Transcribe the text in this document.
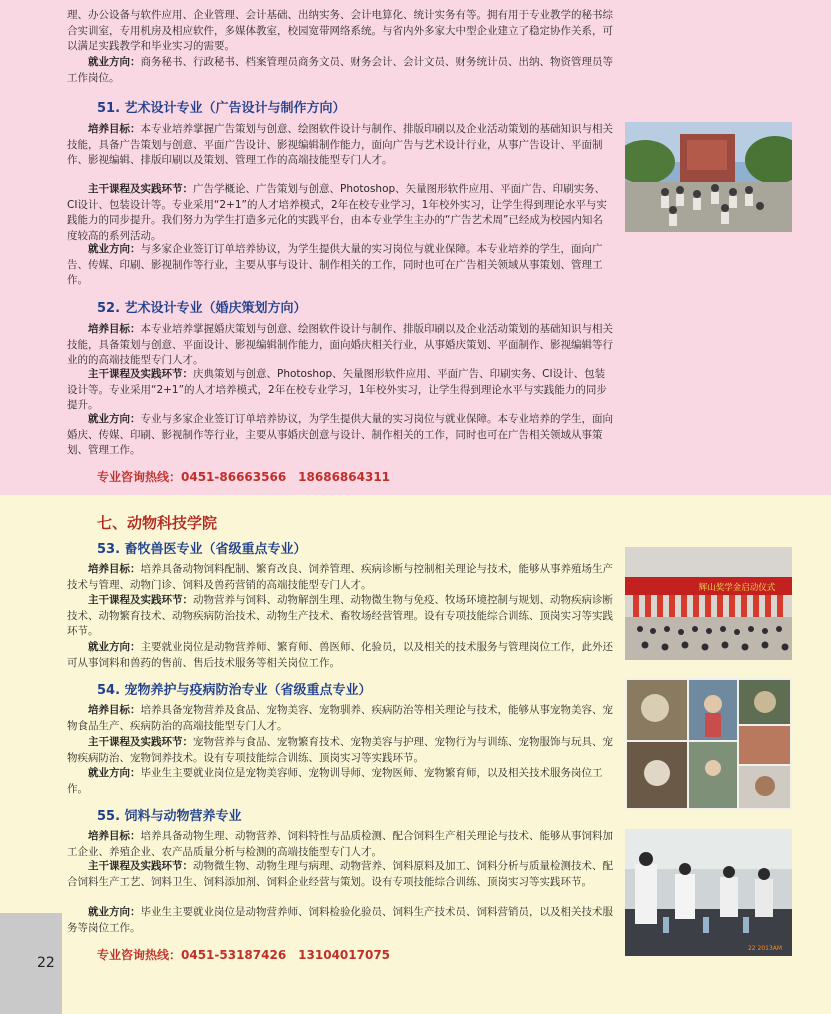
22

理、办公设备与软件应用、企业管理、会计基础、出纳实务、会计电算化、统计实务有等。拥有用于专业教学的秘书综合实训室，专用机房及相应软件，多媒体教室，校园宽带网络系统。与省内外多家大中型企业建立了稳定协作关系，可以满足实践教学和毕业实习的需要。

就业方向：商务秘书、行政秘书、档案管理员商务文员、财务会计、会计文员、财务统计员、出纳、物资管理员等工作岗位。

51. 艺术设计专业（广告设计与制作方向）

培养目标：本专业培养掌握广告策划与创意、绘图软件设计与制作、排版印刷以及企业活动策划的基础知识与相关技能，具备广告策划与创意、平面广告设计、影视编辑制作能力，面向广告与艺术设计行业，从事广告设计、平面制作、影视编辑、排版印刷以及策划、管理工作的高端技能型专门人才。

主干课程及实践环节：广告学概论、广告策划与创意、Photoshop、矢量图形软件应用、平面广告、印刷实务、CI设计、包装设计等。专业采用“2+1”的人才培养模式，2年在校专业学习，1年校外实习，让学生得到理论水平与实践能力的同步提升。我们努力为学生打造多元化的实践平台，由本专业学生主办的“广告艺术周”已经成为校园内知名度较高的系列活动。

就业方向：与多家企业签订订单培养协议，为学生提供大量的实习岗位与就业保障。本专业培养的学生，面向广告、传媒、印刷、影视制作等行业，主要从事与设计、制作相关的工作，同时也可在广告相关领域从事策划、管理工作。

52. 艺术设计专业（婚庆策划方向）

培养目标：本专业培养掌握婚庆策划与创意、绘图软件设计与制作、排版印刷以及企业活动策划的基础知识与相关技能，具备策划与创意、平面设计、影视编辑制作能力，面向婚庆相关行业，从事婚庆策划、平面制作、影视编辑等行业的的高端技能型专门人才。

主干课程及实践环节：庆典策划与创意、Photoshop、矢量图形软件应用、平面广告、印刷实务、CI设计、包装设计等。专业采用“2+1”的人才培养模式，2年在校专业学习，1年校外实习，让学生得到理论水平与实践能力的同步提升。

就业方向：专业与多家企业签订订单培养协议，为学生提供大量的实习岗位与就业保障。本专业培养的学生，面向婚庆、传媒、印刷、影视制作等行业，主要从事婚庆创意与设计、制作相关的工作，同时也可在广告相关领域从事策划、管理工作。

专业咨询热线：0451-86663566　18686864311
七、动物科技学院
53. 畜牧兽医专业（省级重点专业）

培养目标：培养具备动物饲料配制、繁育改良、饲养管理、疾病诊断与控制相关理论与技术，能够从事养殖场生产技术与管理、动物门诊、饲料及兽药营销的高端技能型专门人才。

主干课程及实践环节：动物营养与饲料、动物解剖生理、动物微生物与免疫、牧场环境控制与规划、动物疾病诊断技术、动物繁育技术、动物疾病防治技术、动物生产技术、畜牧场经营管理。设有专项技能综合训练、顶岗实习等实践环节。

就业方向：主要就业岗位是动物营养师、繁育师、兽医师、化验员，以及相关的技术服务与管理岗位工作，此外还可从事饲料和兽药的售前、售后技术服务等相关岗位工作。

54. 宠物养护与疫病防治专业（省级重点专业）

培养目标：培养具备宠物营养及食品、宠物美容、宠物驯养、疾病防治等相关理论与技术，能够从事宠物美容、宠物食品生产、疾病防治的高端技能型专门人才。

主干课程及实践环节：宠物营养与食品、宠物繁育技术、宠物美容与护理、宠物行为与训练、宠物服饰与玩具、宠物疾病防治、宠物饲养技术。设有专项技能综合训练、顶岗实习等实践环节。

就业方向：毕业生主要就业岗位是宠物美容师、宠物训导师、宠物医师、宠物繁育师，以及相关技术服务岗位工作。

55. 饲料与动物营养专业

培养目标：培养具备动物生理、动物营养、饲料特性与品质检测、配合饲料生产相关理论与技术、能够从事饲料加工企业、养殖企业、农产品质量分析与检测的高端技能型专门人才。

主干课程及实践环节：动物微生物、动物生理与病理、动物营养、饲料原料及加工、饲料分析与质量检测技术、配合饲料生产工艺、饲料卫生、饲料添加剂、饲料企业经营与策划。设有专项技能综合训练、顶岗实习等实践环节。

就业方向：毕业生主要就业岗位是动物营养师、饲料检验化验员、饲料生产技术员、饲料营销员，以及相关技术服务等岗位工作。

专业咨询热线：0451-53187426　13104017075
辉山奖学金启动仪式
22 2013AM
